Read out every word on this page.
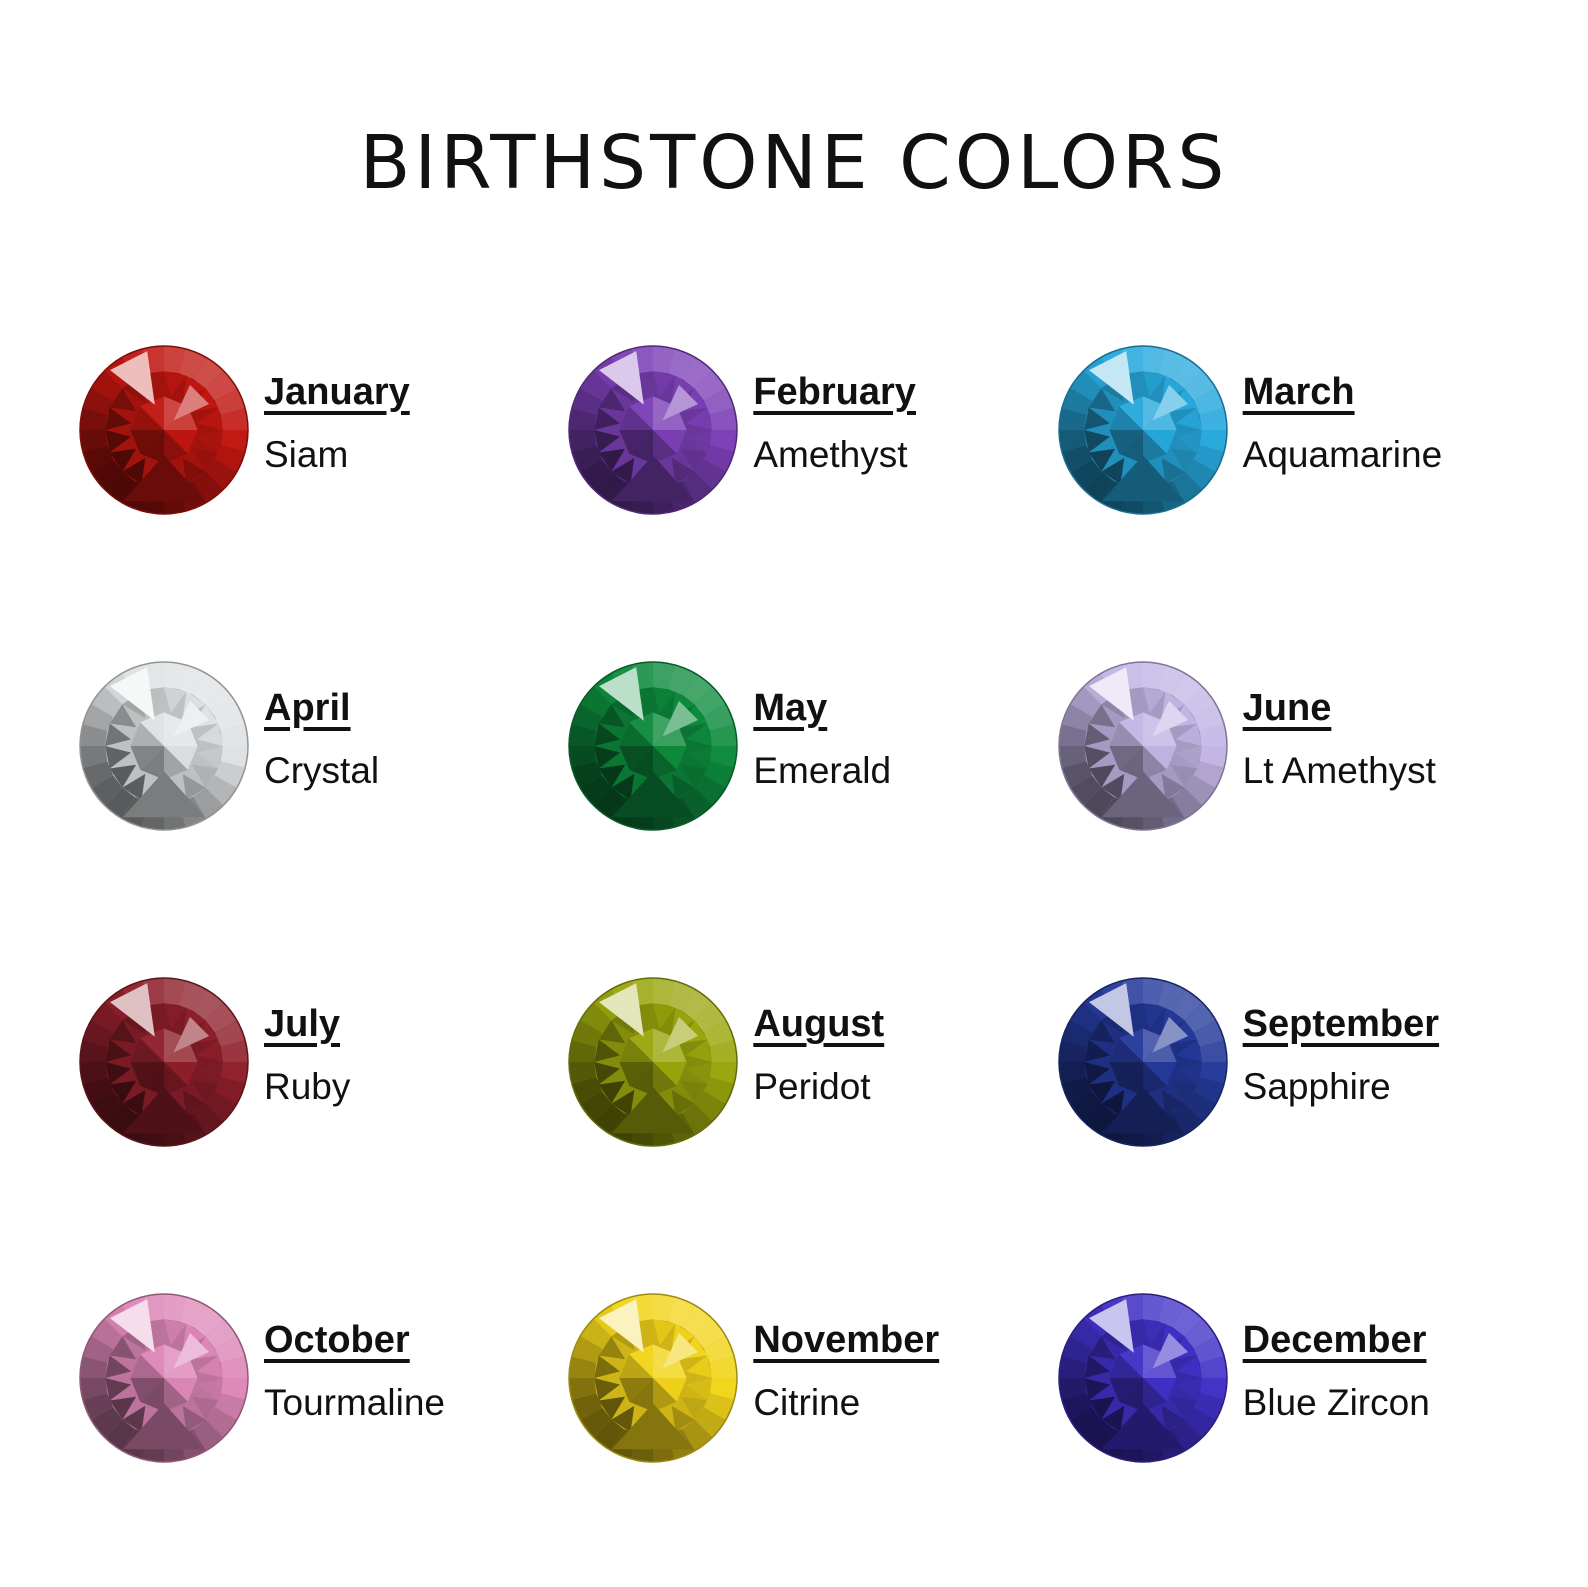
BIRTHSTONE COLORS
January
Siam
February
Amethyst
March
Aquamarine
April
Crystal
May
Emerald
June
Lt Amethyst
July
Ruby
August
Peridot
September
Sapphire
October
Tourmaline
November
Citrine
December
Blue Zircon
